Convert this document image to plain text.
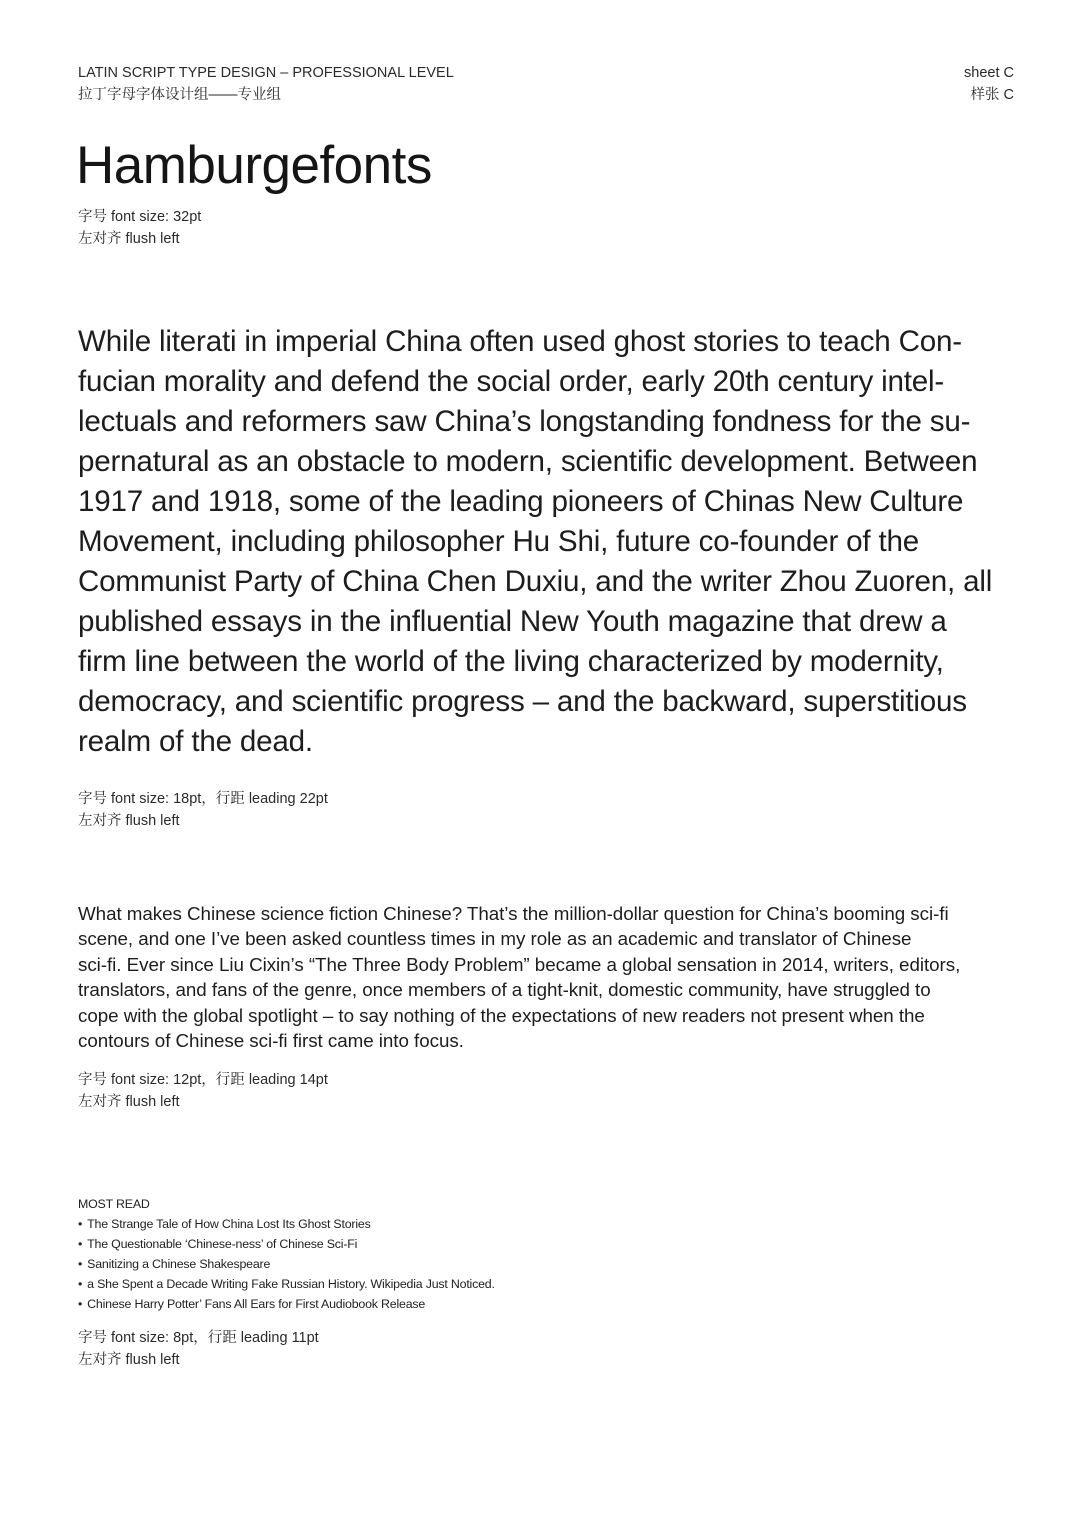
LATIN SCRIPT TYPE DESIGN – PROFESSIONAL LEVEL
拉丁字母字体设计组——专业组
sheet C
样张 C
Hamburgefonts
字号 font size: 32pt
左对齐 flush left
While literati in imperial China often used ghost stories to teach Con-
fucian morality and defend the social order, early 20th century intel-
lectuals and reformers saw China’s longstanding fondness for the su-
pernatural as an obstacle to modern, scientific development. Between
1917 and 1918, some of the leading pioneers of Chinas New Culture
Movement, including philosopher Hu Shi, future co-founder of the
Communist Party of China Chen Duxiu, and the writer Zhou Zuoren, all
published essays in the influential New Youth magazine that drew a
firm line between the world of the living characterized by modernity,
democracy, and scientific progress – and the backward, superstitious
realm of the dead.
字号 font size: 18pt，行距 leading 22pt
左对齐 flush left
What makes Chinese science fiction Chinese? That’s the million-dollar question for China’s booming sci-fi
scene, and one I’ve been asked countless times in my role as an academic and translator of Chinese
sci-fi. Ever since Liu Cixin’s “The Three Body Problem” became a global sensation in 2014, writers, editors,
translators, and fans of the genre, once members of a tight-knit, domestic community, have struggled to
cope with the global spotlight – to say nothing of the expectations of new readers not present when the
contours of Chinese sci-fi first came into focus.
字号 font size: 12pt，行距 leading 14pt
左对齐 flush left
MOST READ
• The Strange Tale of How China Lost Its Ghost Stories
• The Questionable ‘Chinese-ness’ of Chinese Sci-Fi
• Sanitizing a Chinese Shakespeare
• a She Spent a Decade Writing Fake Russian History. Wikipedia Just Noticed.
• Chinese Harry Potter’ Fans All Ears for First Audiobook Release
字号 font size: 8pt，行距 leading 11pt
左对齐 flush left
